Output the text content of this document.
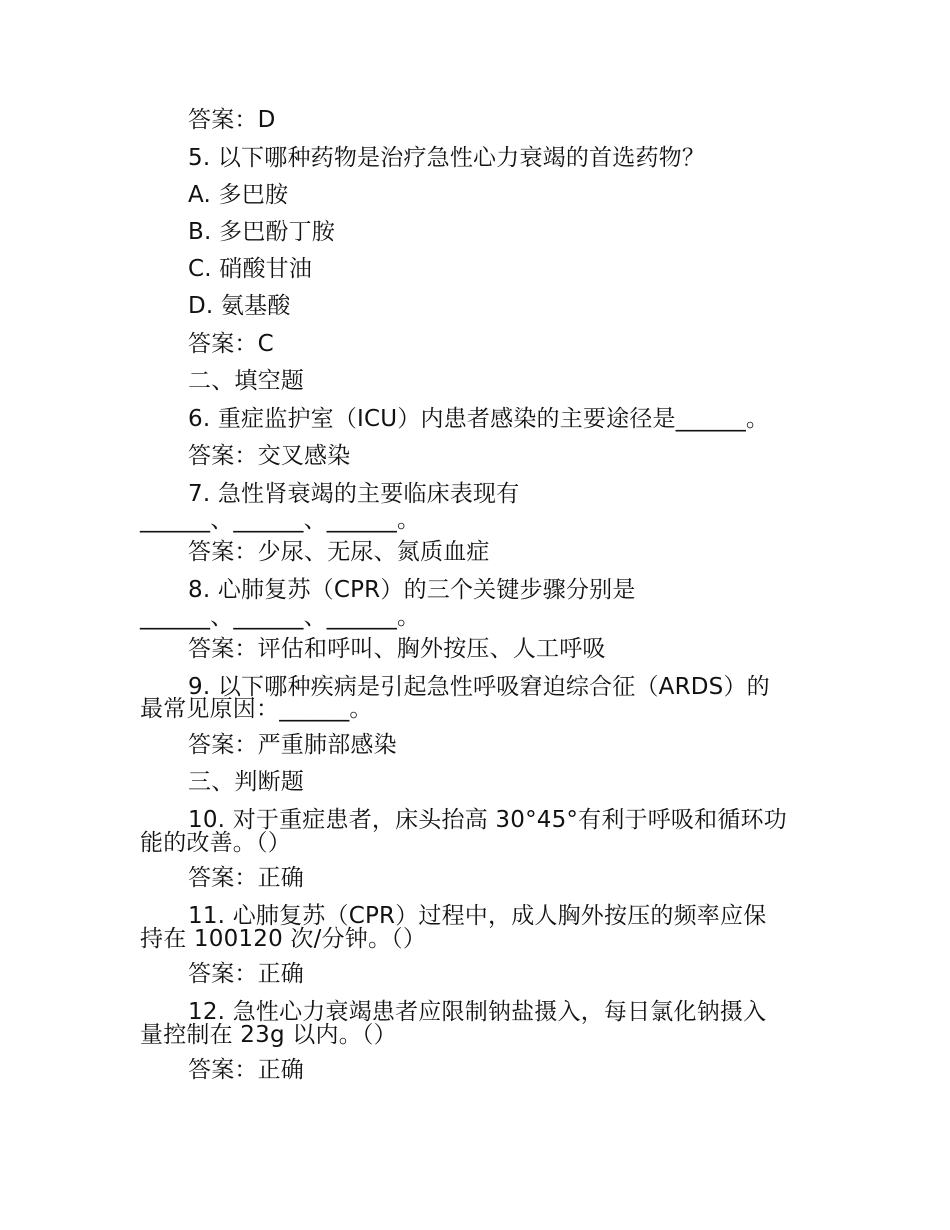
答案：D
5. 以下哪种药物是治疗急性心力衰竭的首选药物？
A. 多巴胺
B. 多巴酚丁胺
C. 硝酸甘油
D. 氨基酸
答案：C
二、填空题
6. 重症监护室（ICU）内患者感染的主要途径是______。
答案：交叉感染
7. 急性肾衰竭的主要临床表现有
______、______、______。
答案：少尿、无尿、氮质血症
8. 心肺复苏（CPR）的三个关键步骤分别是
______、______、______。
答案：评估和呼叫、胸外按压、人工呼吸
9. 以下哪种疾病是引起急性呼吸窘迫综合征（ARDS）的
最常见原因：______。
答案：严重肺部感染
三、判断题
10. 对于重症患者，床头抬高 30°45°有利于呼吸和循环功
能的改善。（）
答案：正确
11. 心肺复苏（CPR）过程中，成人胸外按压的频率应保
持在 100120 次/分钟。（）
答案：正确
12. 急性心力衰竭患者应限制钠盐摄入，每日氯化钠摄入
量控制在 23g 以内。（）
答案：正确
